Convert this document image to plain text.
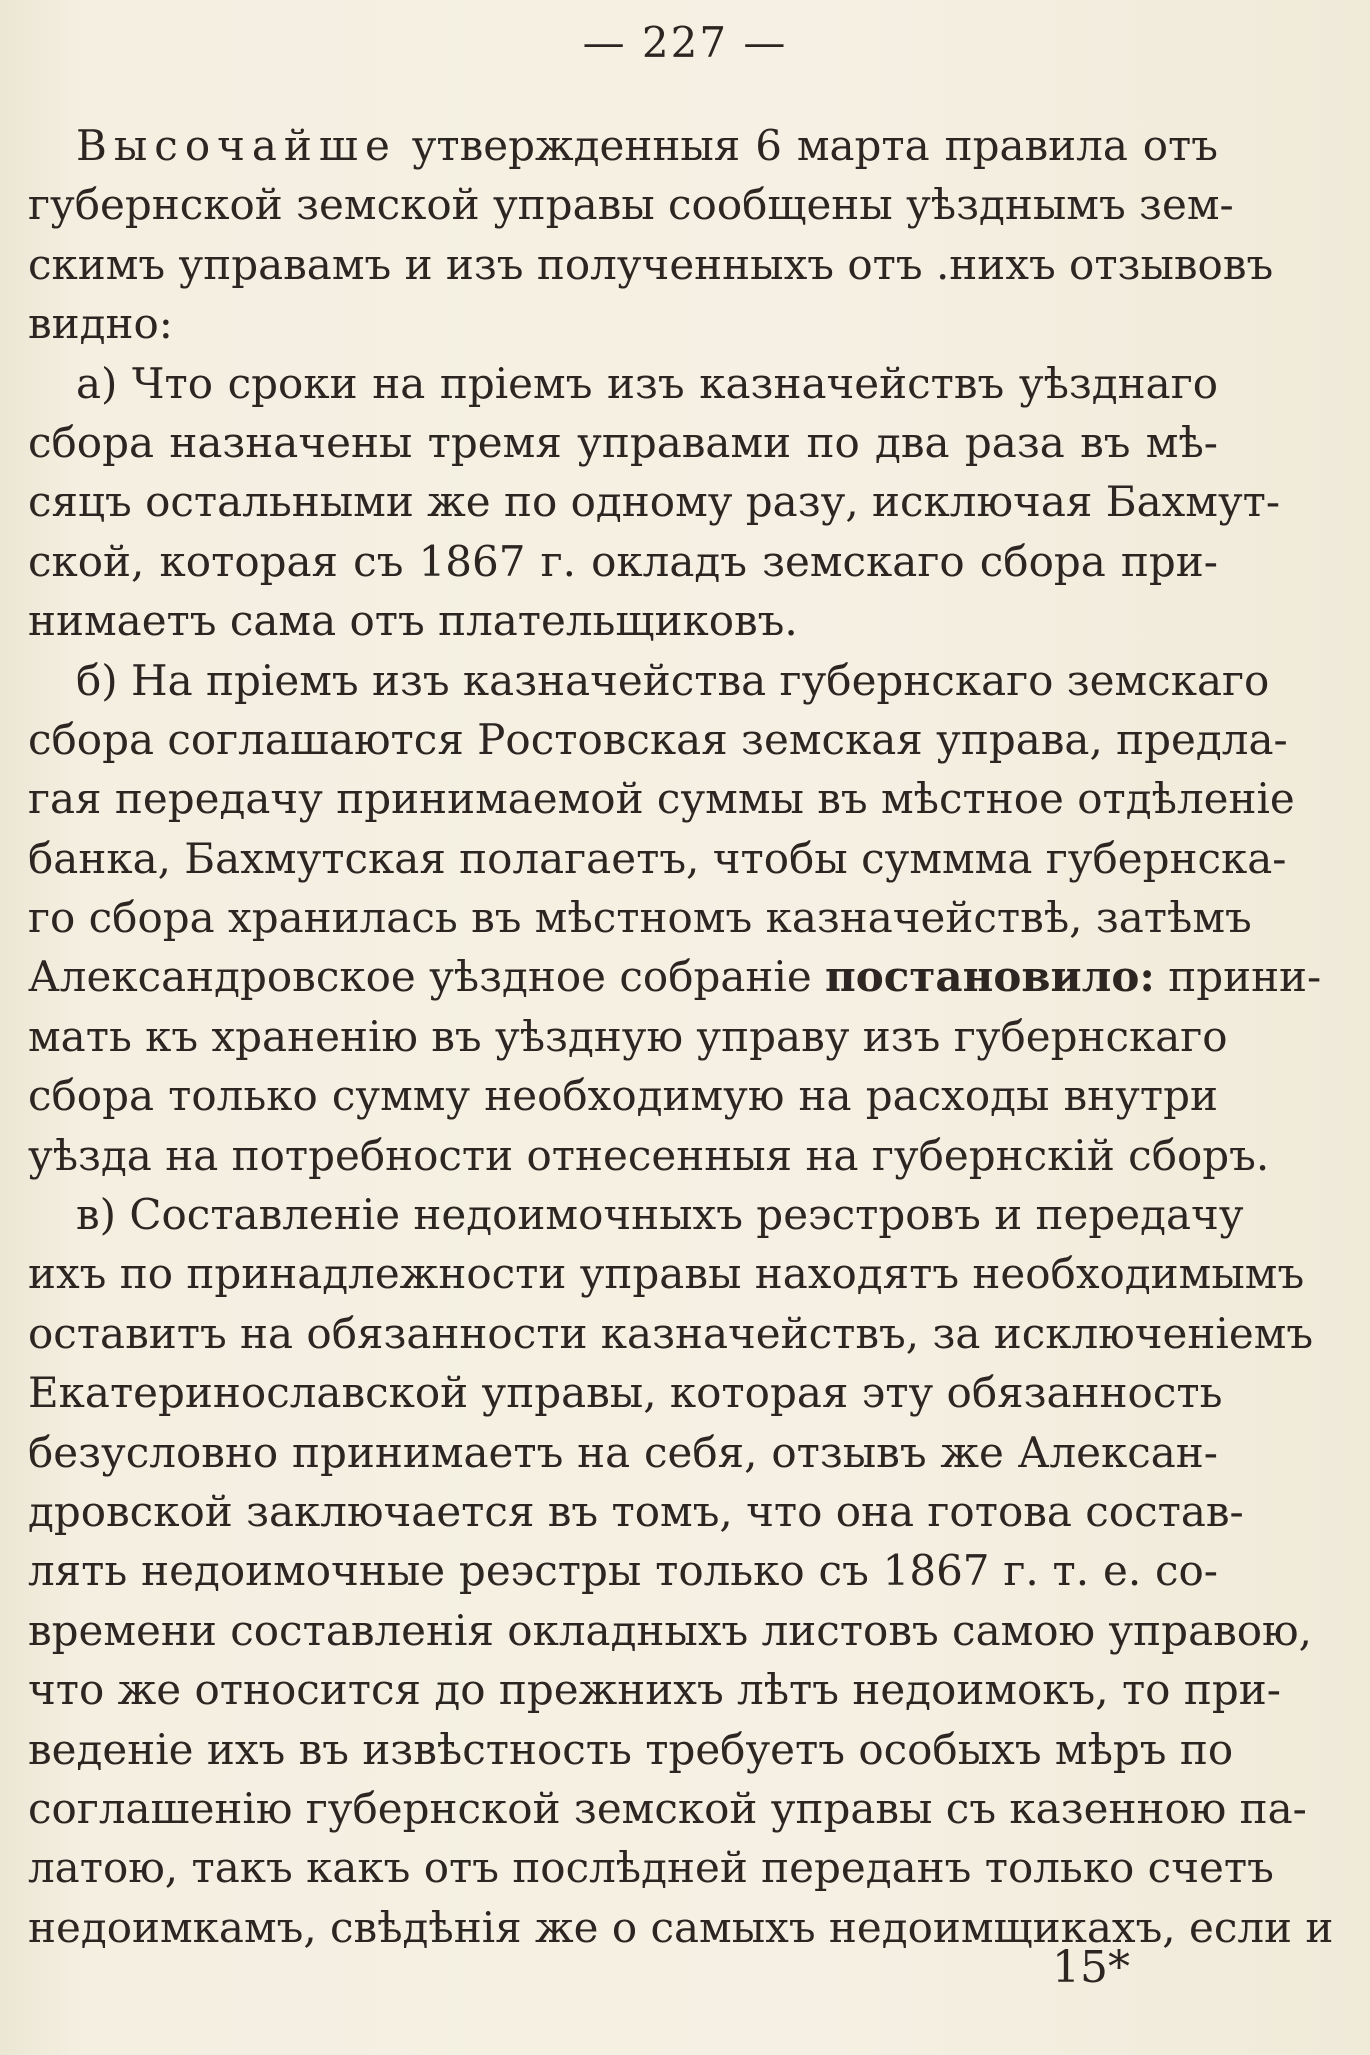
— 227 —
Высочайше утвержденныя 6 марта правила отъ
губернской земской управы сообщены уѣзднымъ зем-
скимъ управамъ и изъ полученныхъ отъ .нихъ отзывовъ
видно:
а) Что сроки на пріемъ изъ казначействъ уѣзднаго
сбора назначены тремя управами по два раза въ мѣ-
сяцъ остальными же по одному разу, исключая Бахмут-
ской, которая съ 1867 г. окладъ земскаго сбора при-
нимаетъ сама отъ плательщиковъ.
б) На пріемъ изъ казначейства губернскаго земскаго
сбора соглашаются Ростовская земская управа, предла-
гая передачу принимаемой суммы въ мѣстное отдѣленіе
банка, Бахмутская полагаетъ, чтобы суммма губернска-
го сбора хранилась въ мѣстномъ казначействѣ, затѣмъ
Александровское уѣздное собраніе постановило: прини-
мать къ храненію въ уѣздную управу изъ губернскаго
сбора только сумму необходимую на расходы внутри
уѣзда на потребности отнесенныя на губернскій сборъ.
в) Составленіе недоимочныхъ реэстровъ и передачу
ихъ по принадлежности управы находятъ необходимымъ
оставитъ на обязанности казначействъ, за исключеніемъ
Екатеринославской управы, которая эту обязанность
безусловно принимаетъ на себя, отзывъ же Алексан-
дровской заключается въ томъ, что она готова состав-
лять недоимочные реэстры только съ 1867 г. т. е. со-
времени составленія окладныхъ листовъ самою управою,
что же относится до прежнихъ лѣтъ недоимокъ, то при-
веденіе ихъ въ извѣстность требуетъ особыхъ мѣръ по
соглашенію губернской земской управы съ казенною па-
латою, такъ какъ отъ послѣдней переданъ только счетъ
недоимкамъ, свѣдѣнія же о самыхъ недоимщикахъ, если и
15*
